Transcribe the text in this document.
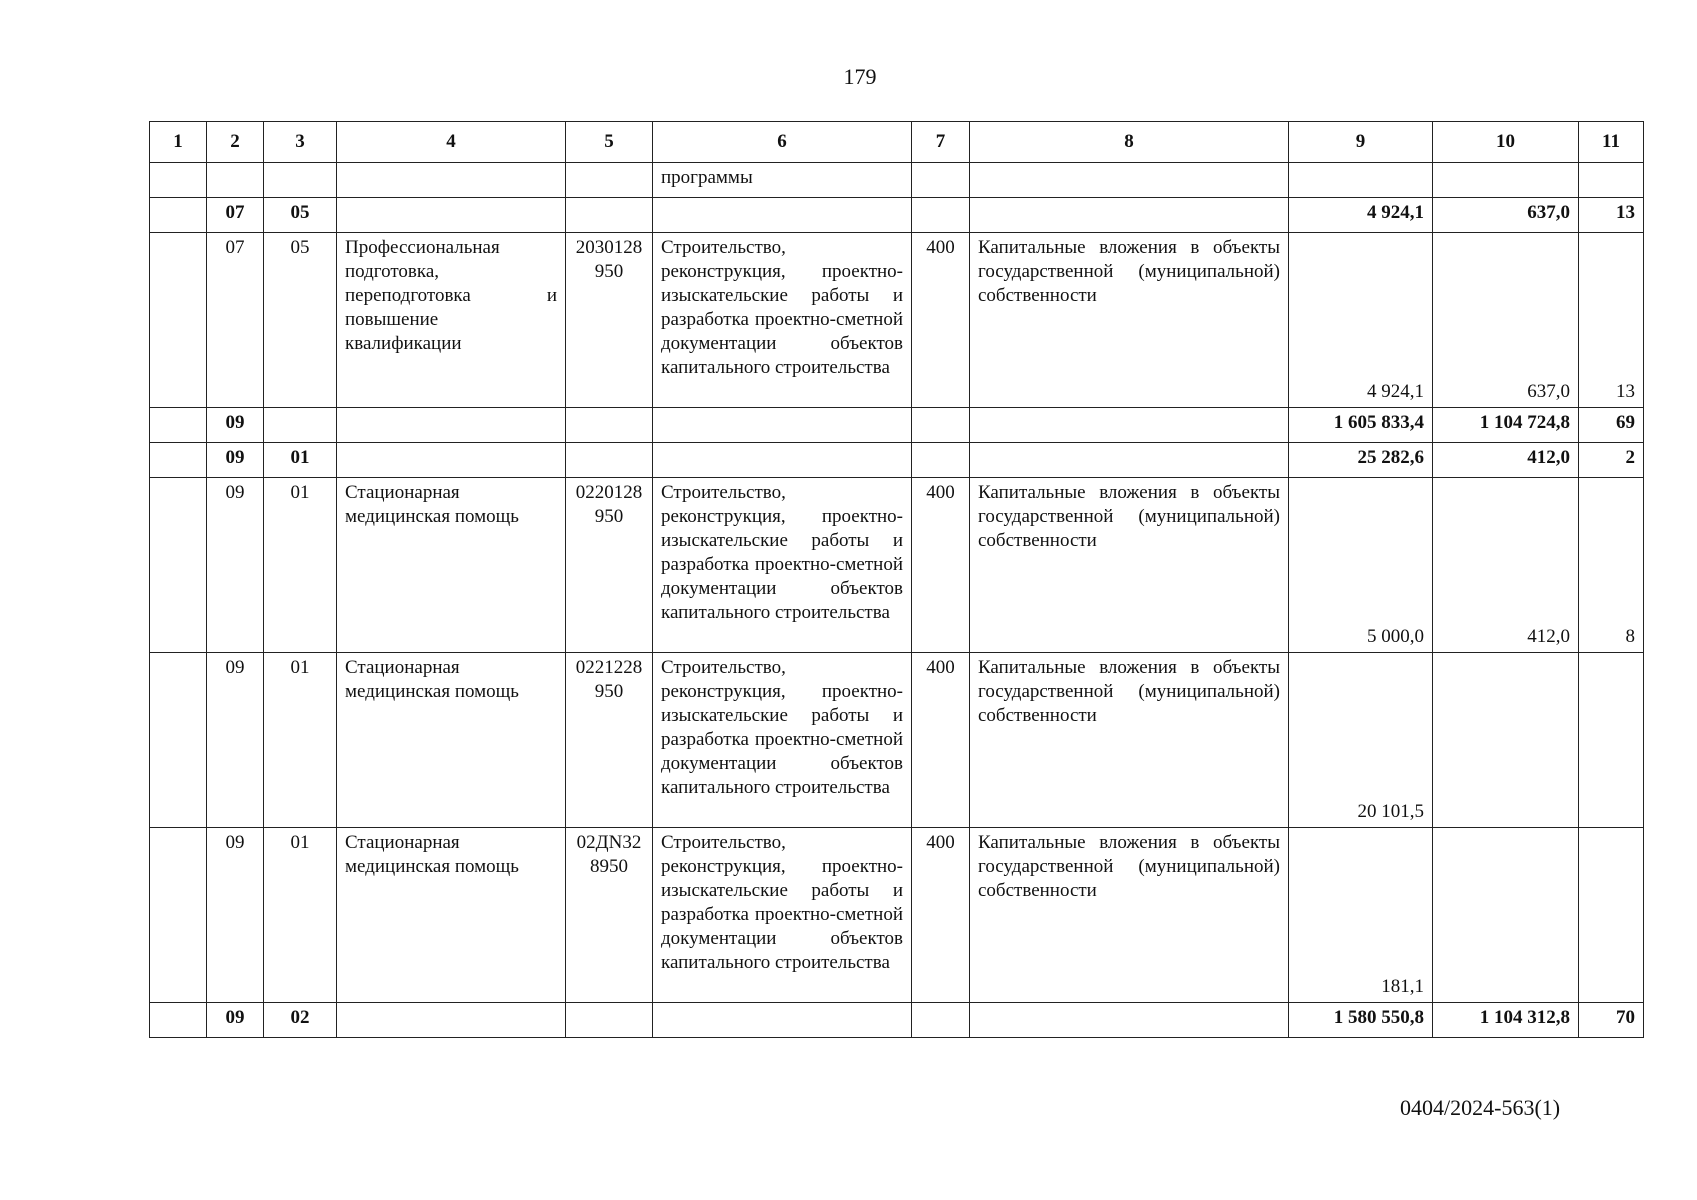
179
1	2	3	4	5	6	7	8	9	10	11
					программы					
	07	05						4 924,1	637,0	13
	07	05	Профессиональная подготовка, переподготовка и повышение квалификации	2030128950	Строительство, реконструкция, проектно-изыскательские работы и разработка проектно-сметной документации объектов капитального строительства	400	Капитальные вложения в объекты государственной (муниципальной) собственности	4 924,1	637,0	13
	09							1 605 833,4	1 104 724,8	69
	09	01						25 282,6	412,0	2
	09	01	Стационарная медицинская помощь	0220128950	Строительство, реконструкция, проектно-изыскательские работы и разработка проектно-сметной документации объектов капитального строительства	400	Капитальные вложения в объекты государственной (муниципальной) собственности	5 000,0	412,0	8
	09	01	Стационарная медицинская помощь	0221228950	Строительство, реконструкция, проектно-изыскательские работы и разработка проектно-сметной документации объектов капитального строительства	400	Капитальные вложения в объекты государственной (муниципальной) собственности	20 101,5		
	09	01	Стационарная медицинская помощь	02ДN328950	Строительство, реконструкция, проектно-изыскательские работы и разработка проектно-сметной документации объектов капитального строительства	400	Капитальные вложения в объекты государственной (муниципальной) собственности	181,1		
	09	02						1 580 550,8	1 104 312,8	70
0404/2024-563(1)
